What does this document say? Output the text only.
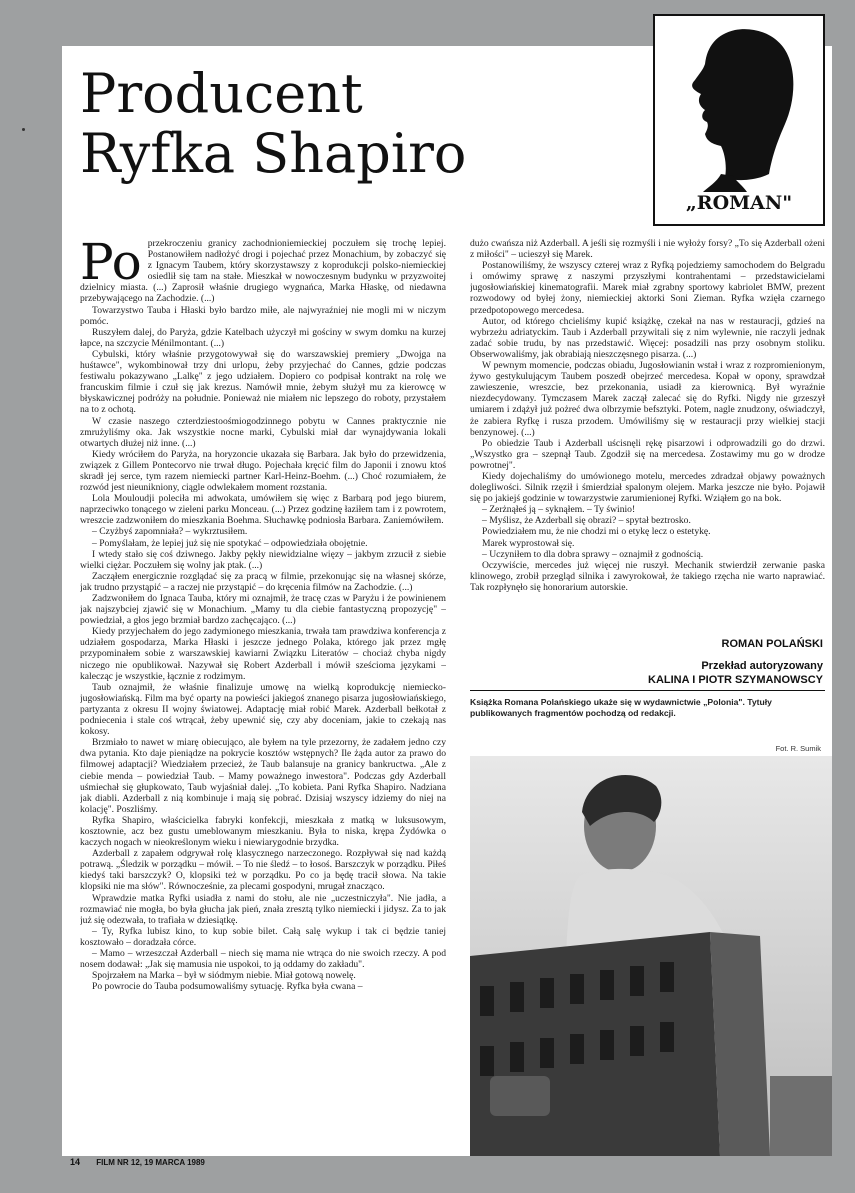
Producent
Ryfka Shapiro
„ROMAN"
Po przekroczeniu granicy zachodnioniemieckiej poczułem się trochę lepiej. Postanowiłem nadłożyć drogi i pojechać przez Monachium, by zobaczyć się z Ignacym Taubem, który skorzystawszy z koprodukcji polsko-niemieckiej osiedlił się tam na stałe. Mieszkał w nowoczesnym budynku w przyzwoitej dzielnicy miasta. (...) Zaprosił właśnie drugiego wygnańca, Marka Hłaskę, od niedawna przebywającego na Zachodzie. (...)

Towarzystwo Tauba i Hłaski było bardzo miłe, ale najwyraźniej nie mogli mi w niczym pomóc.

Ruszyłem dalej, do Paryża, gdzie Katelbach użyczył mi gościny w swym domku na kurzej łapce, na szczycie Ménilmontant. (...)

Cybulski, który właśnie przygotowywał się do warszawskiej premiery „Dwojga na huśtawce", wykombinował trzy dni urlopu, żeby przyjechać do Cannes, gdzie podczas festiwalu pokazywano „Lalkę" z jego udziałem. Dopiero co podpisał kontrakt na rolę we francuskim filmie i czuł się jak krezus. Namówił mnie, żebym służył mu za kierowcę w błyskawicznej podróży na południe. Ponieważ nie miałem nic lepszego do roboty, przystałem na to z ochotą.

W czasie naszego czterdziestoośmiogodzinnego pobytu w Cannes praktycznie nie zmrużyliśmy oka. Jak wszystkie nocne marki, Cybulski miał dar wynajdywania lokali otwartych dłużej niż inne. (...)

Kiedy wróciłem do Paryża, na horyzoncie ukazała się Barbara. Jak było do przewidzenia, związek z Gillem Pontecorvo nie trwał długo. Pojechała kręcić film do Japonii i znowu ktoś skradł jej serce, tym razem niemiecki partner Karl-Heinz-Boehm. (...) Choć rozumiałem, że rozwód jest nieunikniony, ciągle odwlekałem moment rozstania.

Lola Mouloudji poleciła mi adwokata, umówiłem się więc z Barbarą pod jego biurem, naprzeciwko tonącego w zieleni parku Monceau. (...) Przez godzinę łaziłem tam i z powrotem, wreszcie zadzwoniłem do mieszkania Boehma. Słuchawkę podniosła Barbara. Zaniemówiłem.

– Czyżbyś zapomniała? – wykrztusiłem.

– Pomyślałam, że lepiej już się nie spotykać – odpowiedziała obojętnie.

I wtedy stało się coś dziwnego. Jakby pękły niewidzialne więzy – jakbym zrzucił z siebie wielki ciężar. Poczułem się wolny jak ptak. (...)

Zacząłem energicznie rozglądać się za pracą w filmie, przekonując się na własnej skórze, jak trudno przystąpić – a raczej nie przystąpić – do kręcenia filmów na Zachodzie. (...)

Zadzwoniłem do Ignaca Tauba, który mi oznajmił, że tracę czas w Paryżu i że powinienem jak najszybciej zjawić się w Monachium. „Mamy tu dla ciebie fantastyczną propozycję" – powiedział, a głos jego brzmiał bardzo zachęcająco. (...)

Kiedy przyjechałem do jego zadymionego mieszkania, trwała tam prawdziwa konferencja z udziałem gospodarza, Marka Hłaski i jeszcze jednego Polaka, którego jak przez mgłę przypominałem sobie z warszawskiej kawiarni Związku Literatów – chociaż chyba nigdy niczego nie opublikował. Nazywał się Robert Azderball i mówił sześcioma językami – kalecząc je wszystkie, łącznie z rodzimym.

Taub oznajmił, że właśnie finalizuje umowę na wielką koprodukcję niemiecko-jugosłowiańską. Film ma być oparty na powieści jakiegoś znanego pisarza jugosłowiańskiego, partyzanta z okresu II wojny światowej. Adaptację miał robić Marek. Azderball bełkotał z podniecenia i stale coś wtrącał, żeby upewnić się, czy aby doceniam, jakie to czekają nas kokosy.

Brzmiało to nawet w miarę obiecująco, ale byłem na tyle przezorny, że zadałem jedno czy dwa pytania. Kto daje pieniądze na pokrycie kosztów wstępnych? Ile żąda autor za prawo do filmowej adaptacji? Wiedziałem przecież, że Taub balansuje na granicy bankructwa. „Ale z ciebie menda – powiedział Taub. – Mamy poważnego inwestora". Podczas gdy Azderball uśmiechał się głupkowato, Taub wyjaśniał dalej. „To kobieta. Pani Ryfka Shapiro. Nadziana jak diabli. Azderball z nią kombinuje i mają się pobrać. Dzisiaj wszyscy idziemy do niej na kolację". Poszliśmy.

Ryfka Shapiro, właścicielka fabryki konfekcji, mieszkała z matką w luksusowym, kosztownie, acz bez gustu umeblowanym mieszkaniu. Była to niska, krępa Żydówka o kaczych nogach w nieokreślonym wieku i niewiarygodnie brzydka.

Azderball z zapałem odgrywał rolę klasycznego narzeczonego. Rozpływał się nad każdą potrawą. „Śledzik w porządku – mówił. – To nie śledź – to łosoś. Barszczyk w porządku. Piłeś kiedyś taki barszczyk? O, klopsiki też w porządku. Po co ja będę tracił słowa. Na takie klopsiki nie ma słów". Równocześnie, za plecami gospodyni, mrugał znacząco.

Wprawdzie matka Ryfki usiadła z nami do stołu, ale nie „uczestniczyła". Nie jadła, a rozmawiać nie mogła, bo była głucha jak pień, znała zresztą tylko niemiecki i jidysz. Za to jak już się odezwała, to trafiała w dziesiątkę.

– Ty, Ryfka lubisz kino, to kup sobie bilet. Całą salę wykup i tak ci będzie taniej kosztowało – doradzała córce.

– Mamo – wrzeszczał Azderball – niech się mama nie wtrąca do nie swoich rzeczy. A pod nosem dodawał: „Jak się mamusia nie uspokoi, to ją oddamy do zakładu".

Spojrzałem na Marka – był w siódmym niebie. Miał gotową nowelę.

Po powrocie do Tauba podsumowaliśmy sytuację. Ryfka była cwana –

dużo cwańsza niż Azderball. A jeśli się rozmyśli i nie wyłoży forsy? „To się Azderball ożeni z miłości" – ucieszył się Marek.

Postanowiliśmy, że wszyscy czterej wraz z Ryfką pojedziemy samochodem do Belgradu i omówimy sprawę z naszymi przyszłymi kontrahentami – przedstawicielami jugosłowiańskiej kinematografii. Marek miał zgrabny sportowy kabriolet BMW, prezent rozwodowy od byłej żony, niemieckiej aktorki Soni Zieman. Ryfka wzięła czarnego przedpotopowego mercedesa.

Autor, od którego chcieliśmy kupić książkę, czekał na nas w restauracji, gdzieś na wybrzeżu adriatyckim. Taub i Azderball przywitali się z nim wylewnie, nie raczyli jednak zadać sobie trudu, by nas przedstawić. Więcej: posadzili nas przy osobnym stoliku. Obserwowaliśmy, jak obrabiają nieszczęsnego pisarza. (...)

W pewnym momencie, podczas obiadu, Jugosłowianin wstał i wraz z rozpromienionym, żywo gestykulującym Taubem poszedł obejrzeć mercedesa. Kopał w opony, sprawdzał zawieszenie, wreszcie, bez przekonania, usiadł za kierownicą. Był wyraźnie niezdecydowany. Tymczasem Marek zaczął zalecać się do Ryfki. Nigdy nie grzeszył umiarem i zdążył już pożreć dwa olbrzymie befsztyki. Potem, nagle znudzony, oświadczył, że zabiera Ryfkę i rusza przodem. Umówiliśmy się w restauracji przy wielkiej stacji benzynowej. (...)

Po obiedzie Taub i Azderball uścisnęli rękę pisarzowi i odprowadzili go do drzwi. „Wszystko gra – szepnął Taub. Zgodził się na mercedesa. Zostawimy mu go w drodze powrotnej".

Kiedy dojechaliśmy do umówionego motelu, mercedes zdradzał objawy poważnych dolegliwości. Silnik rzęził i śmierdział spalonym olejem. Marka jeszcze nie było. Pojawił się po jakiejś godzinie w towarzystwie zarumienionej Ryfki. Wziąłem go na bok.

– Zerżnąłeś ją – syknąłem. – Ty świnio!

– Myślisz, że Azderball się obrazi? – spytał beztrosko.

Powiedziałem mu, że nie chodzi mi o etykę lecz o estetykę.

Marek wyprostował się.

– Uczyniłem to dla dobra sprawy – oznajmił z godnością.

Oczywiście, mercedes już więcej nie ruszył. Mechanik stwierdził zerwanie paska klinowego, zrobił przegląd silnika i zawyrokował, że takiego rzęcha nie warto naprawiać. Tak rozpłynęło się honorarium autorskie.

ROMAN POLAŃSKI
Przekład autoryzowany
KALINA I PIOTR SZYMANOWSCY
Książka Romana Polańskiego ukaże się w wydawnictwie „Polonia". Tytuły publikowanych fragmentów pochodzą od redakcji.
Fot. R. Sumik
14 FILM NR 12, 19 MARCA 1989
